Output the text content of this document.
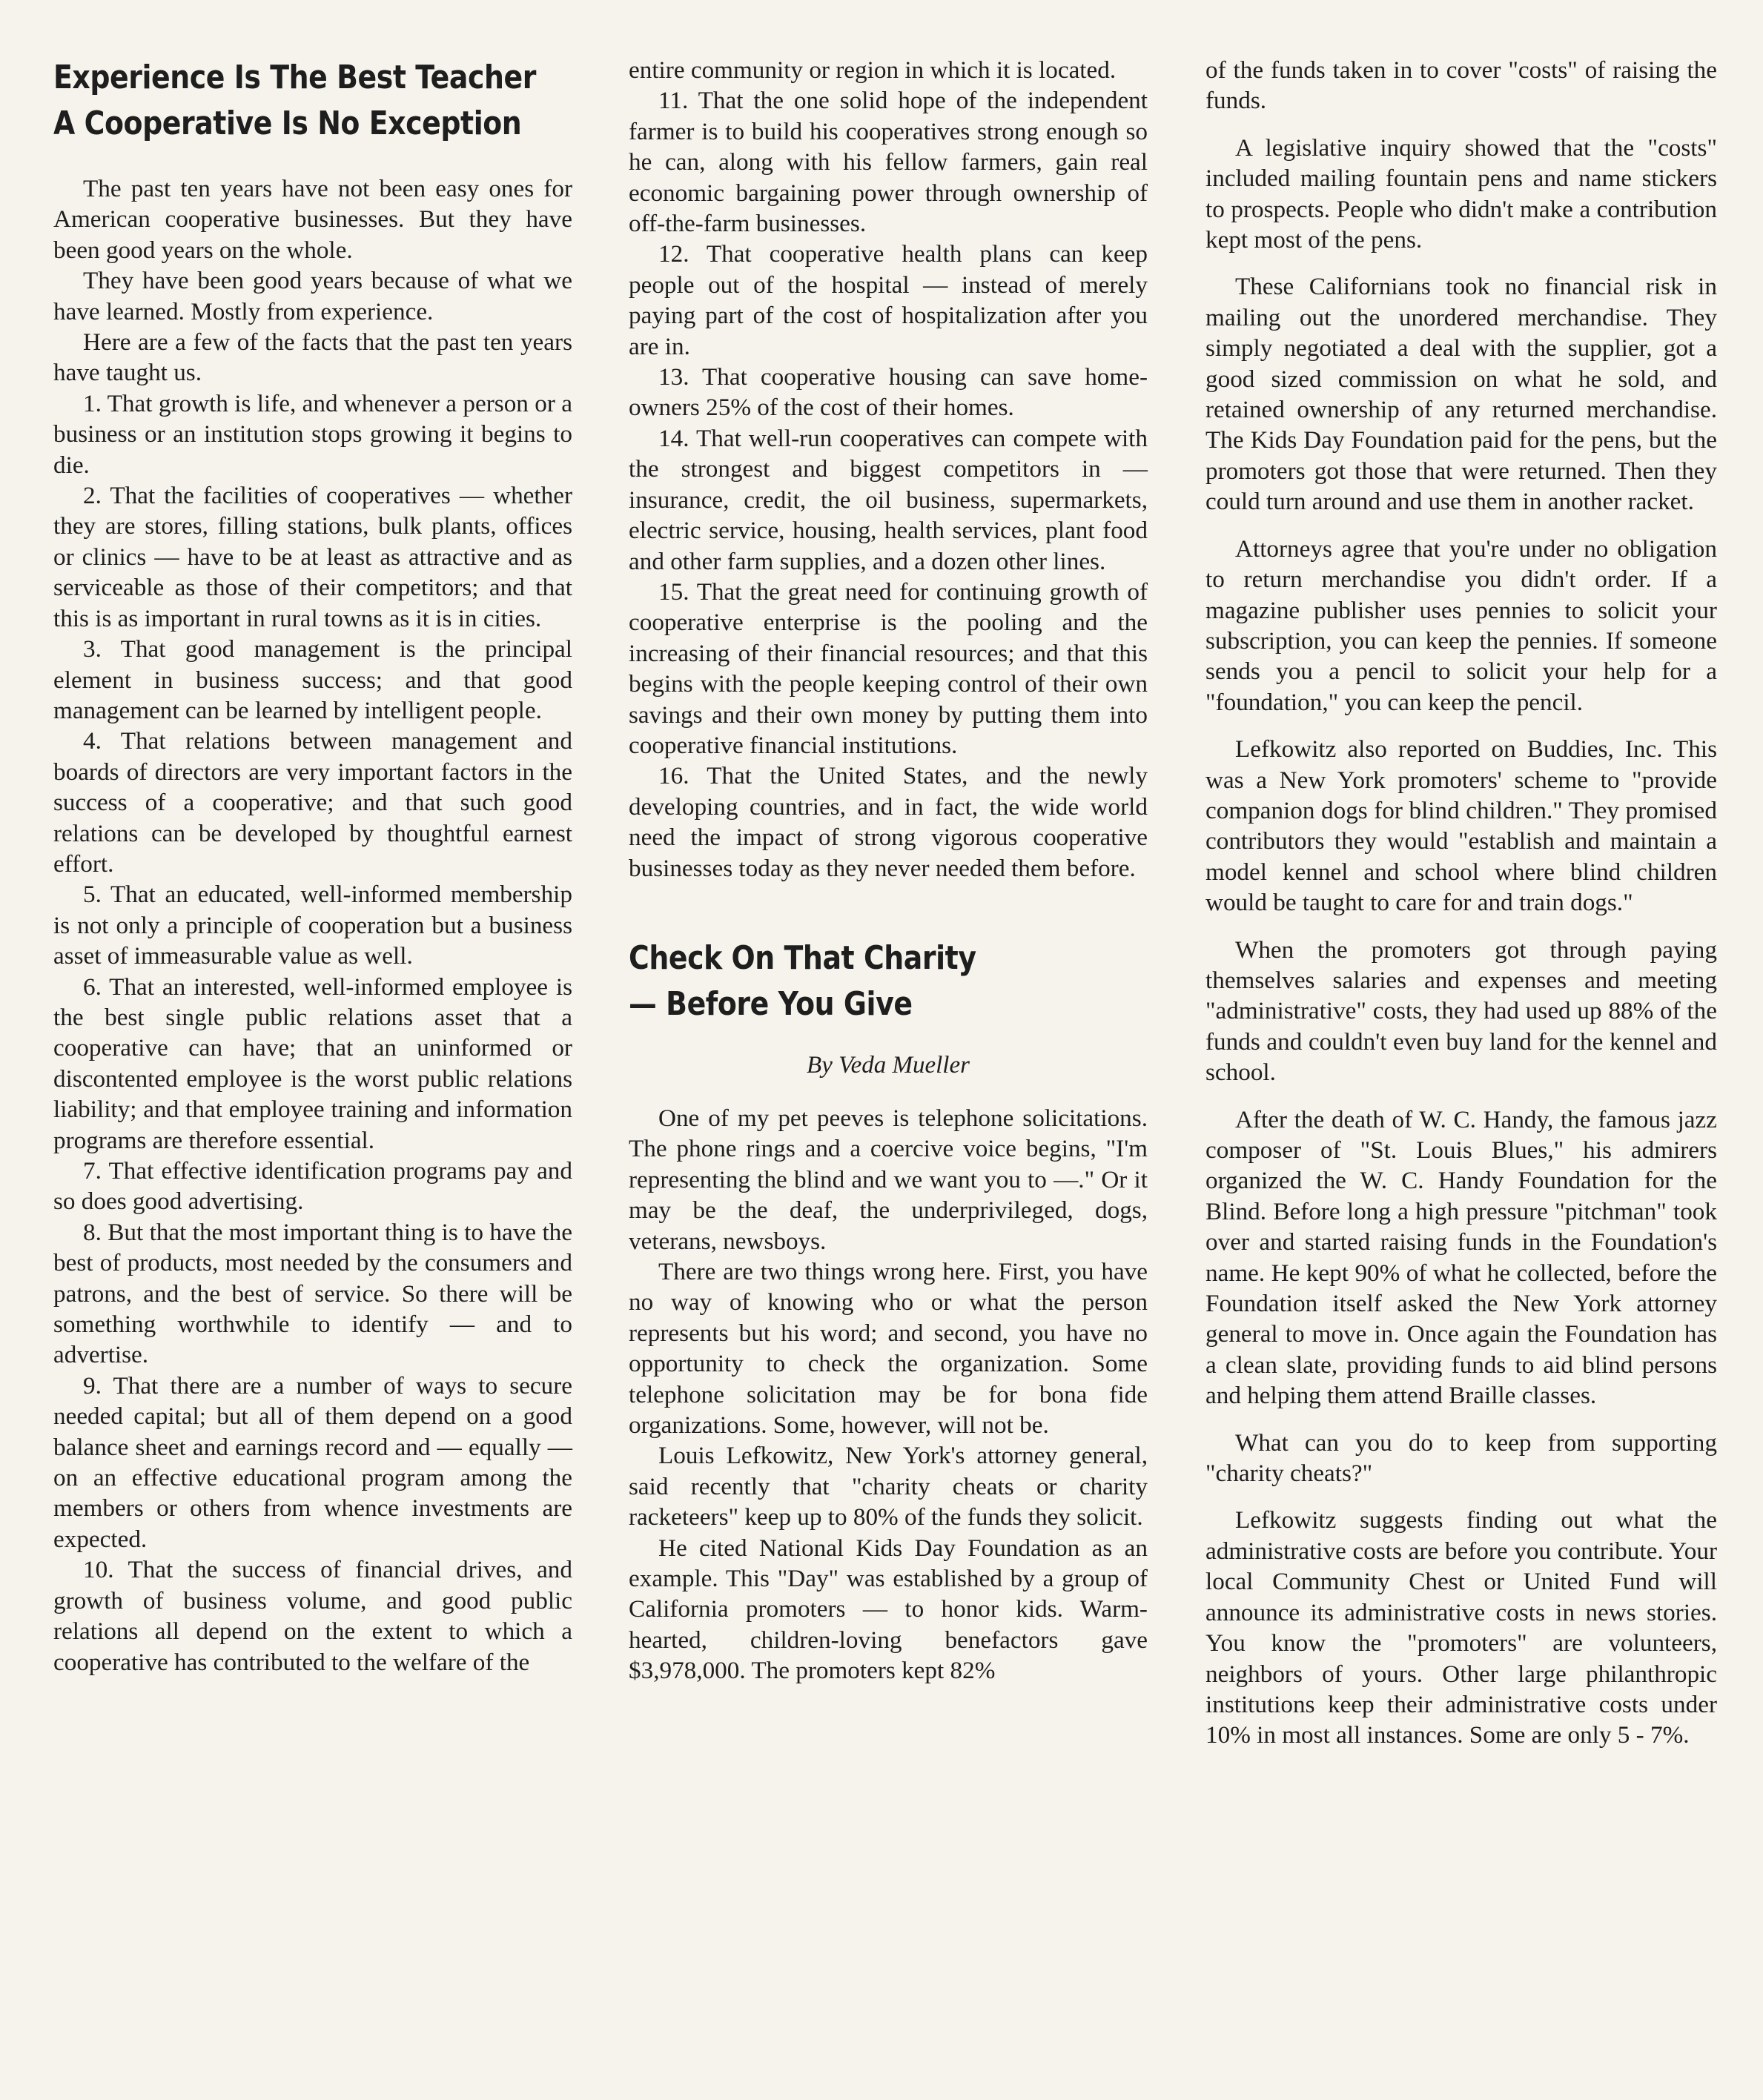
Experience Is The Best Teacher
A Cooperative Is No Exception

The past ten years have not been easy ones for American cooperative businesses. But they have been good years on the whole.

They have been good years because of what we have learned. Mostly from experience.

Here are a few of the facts that the past ten years have taught us.

1. That growth is life, and whenever a person or a business or an institution stops growing it begins to die.

2. That the facilities of cooperatives — whether they are stores, filling stations, bulk plants, offices or clinics — have to be at least as attractive and as serviceable as those of their competitors; and that this is as important in rural towns as it is in cities.

3. That good management is the principal element in business success; and that good management can be learned by intelligent people.

4. That relations between management and boards of directors are very important factors in the success of a cooperative; and that such good relations can be developed by thoughtful earnest effort.

5. That an educated, well-informed membership is not only a principle of cooperation but a business asset of immeasurable value as well.

6. That an interested, well-informed employee is the best single public relations asset that a cooperative can have; that an uninformed or discontented employee is the worst public relations liability; and that employee training and information programs are therefore essential.

7. That effective identification programs pay and so does good advertising.

8. But that the most important thing is to have the best of products, most needed by the consumers and patrons, and the best of service. So there will be something worthwhile to identify — and to advertise.

9. That there are a number of ways to secure needed capital; but all of them depend on a good balance sheet and earnings record and — equally — on an effective educational program among the members or others from whence investments are expected.

10. That the success of financial drives, and growth of business volume, and good public relations all depend on the extent to which a cooperative has contributed to the welfare of the

entire community or region in which it is located.

11. That the one solid hope of the independent farmer is to build his cooperatives strong enough so he can, along with his fellow farmers, gain real economic bargaining power through ownership of off-the-farm businesses.

12. That cooperative health plans can keep people out of the hospital — instead of merely paying part of the cost of hospitalization after you are in.

13. That cooperative housing can save home-owners 25% of the cost of their homes.

14. That well-run cooperatives can compete with the strongest and biggest competitors in — insurance, credit, the oil business, supermarkets, electric service, housing, health services, plant food and other farm supplies, and a dozen other lines.

15. That the great need for continuing growth of cooperative enterprise is the pooling and the increasing of their financial resources; and that this begins with the people keeping control of their own savings and their own money by putting them into cooperative financial institutions.

16. That the United States, and the newly developing countries, and in fact, the wide world need the impact of strong vigorous cooperative businesses today as they never needed them before.

Check On That Charity
— Before You Give
By Veda Mueller

One of my pet peeves is telephone solicitations. The phone rings and a coercive voice begins, "I'm representing the blind and we want you to —." Or it may be the deaf, the underprivileged, dogs, veterans, newsboys.

There are two things wrong here. First, you have no way of knowing who or what the person represents but his word; and second, you have no opportunity to check the organization. Some telephone solicitation may be for bona fide organizations. Some, however, will not be.

Louis Lefkowitz, New York's attorney general, said recently that "charity cheats or charity racketeers" keep up to 80% of the funds they solicit.

He cited National Kids Day Foundation as an example. This "Day" was established by a group of California promoters — to honor kids. Warm-hearted, children-loving benefactors gave $3,978,000. The promoters kept 82%

of the funds taken in to cover "costs" of raising the funds.

A legislative inquiry showed that the "costs" included mailing fountain pens and name stickers to prospects. People who didn't make a contribution kept most of the pens.

These Californians took no financial risk in mailing out the unordered merchandise. They simply negotiated a deal with the supplier, got a good sized commission on what he sold, and retained ownership of any returned merchandise. The Kids Day Foundation paid for the pens, but the promoters got those that were returned. Then they could turn around and use them in another racket.

Attorneys agree that you're under no obligation to return merchandise you didn't order. If a magazine publisher uses pennies to solicit your subscription, you can keep the pennies. If someone sends you a pencil to solicit your help for a "foundation," you can keep the pencil.

Lefkowitz also reported on Buddies, Inc. This was a New York promoters' scheme to "provide companion dogs for blind children." They promised contributors they would "establish and maintain a model kennel and school where blind children would be taught to care for and train dogs."

When the promoters got through paying themselves salaries and expenses and meeting "administrative" costs, they had used up 88% of the funds and couldn't even buy land for the kennel and school.

After the death of W. C. Handy, the famous jazz composer of "St. Louis Blues," his admirers organized the W. C. Handy Foundation for the Blind. Before long a high pressure "pitchman" took over and started raising funds in the Foundation's name. He kept 90% of what he collected, before the Foundation itself asked the New York attorney general to move in. Once again the Foundation has a clean slate, providing funds to aid blind persons and helping them attend Braille classes.

What can you do to keep from supporting "charity cheats?"

Lefkowitz suggests finding out what the administrative costs are before you contribute. Your local Community Chest or United Fund will announce its administrative costs in news stories. You know the "promoters" are volunteers, neighbors of yours. Other large philanthropic institutions keep their administrative costs under 10% in most all instances. Some are only 5 - 7%.
